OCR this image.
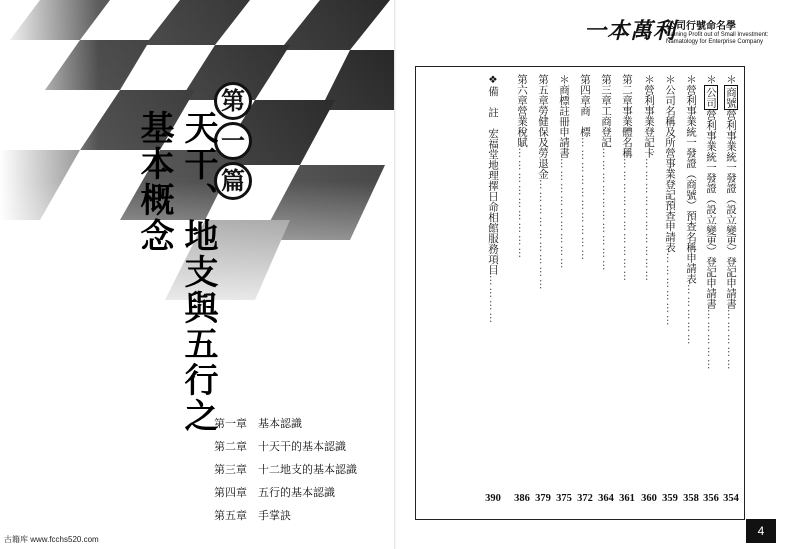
第
一
篇
天干、地支與五行之基本概念
第一章 基本認識
第二章 十天干的基本認識
第三章 十二地支的基本認識
第四章 五行的基本認識
第五章 手掌訣
古籍库 www.fcchs520.com
一本萬利
公司行號命名學
Gaining Profit out of Small Investment:
Namatology for Enterprise Company
＊商號營利事業統一發證（設立變更）登記申請書……………
＊公司營利事業統一發證（設立變更）登記申請書……………
＊營利事業統一發證（商號）預查名稱申請表……………
＊公司名稱及所營事業登記預查申請表………………
＊營利事業登記卡…………………………
第二章事業體名稱…………………………
第三章工商登記…………………………
第四章商　標…………………………
＊商標註冊申請書………………………
第五章勞健保及勞退金………………………
第六章營業稅賦………………………
❖備　註　宏福堂地理擇日命相館服務項目…………
354
356
358
359
360
361
364
372
375
379
386
390
4
